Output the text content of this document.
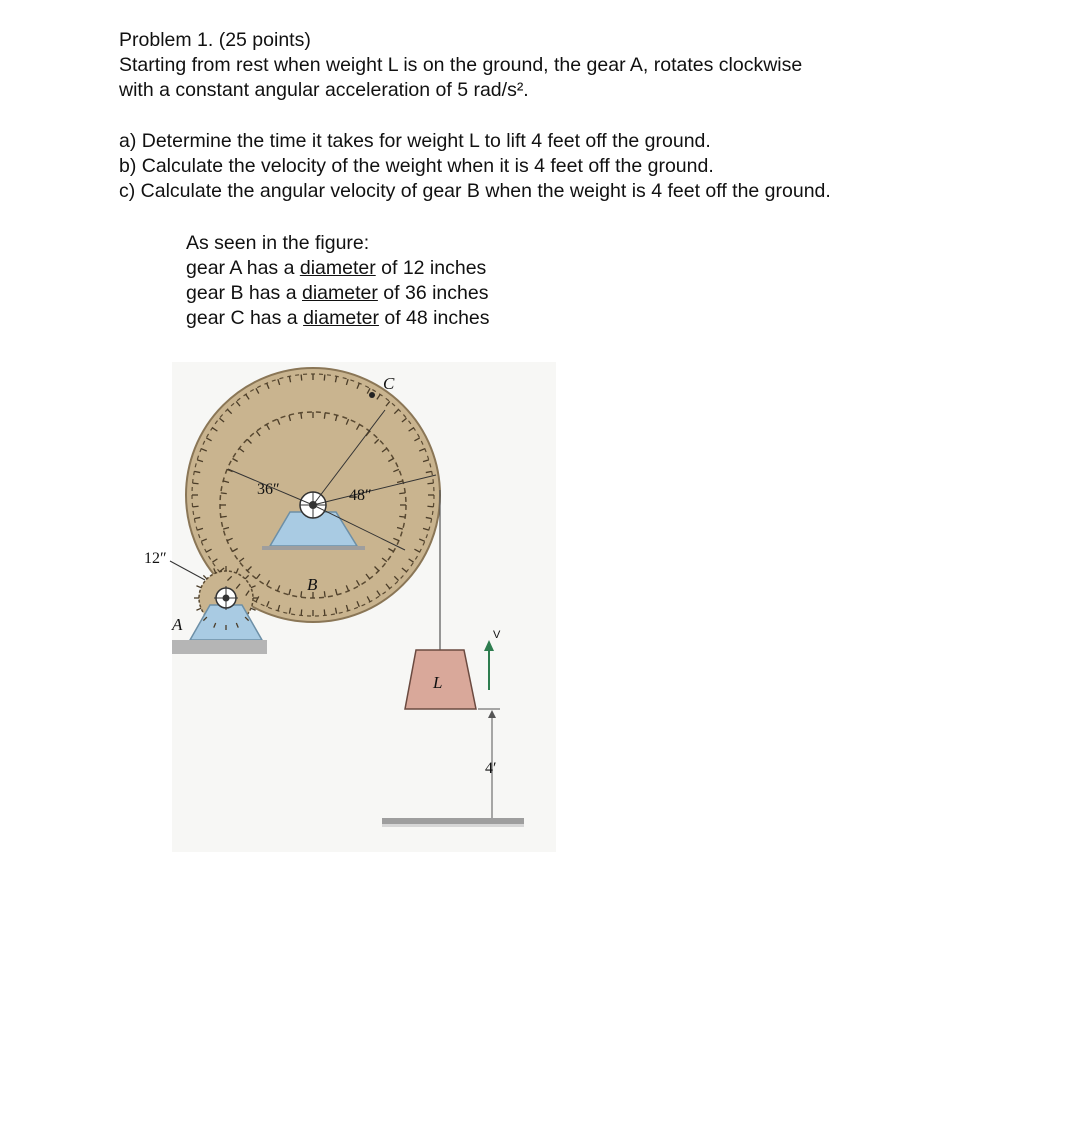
Problem 1. (25 points)
Starting from rest when weight L is on the ground, the gear A, rotates clockwise
with a constant angular acceleration of 5 rad/s².
a) Determine the time it takes for weight L to lift 4 feet off the ground.
b) Calculate the velocity of the weight when it is 4 feet off the ground.
c) Calculate the angular velocity of gear B when the weight is 4 feet off the ground.
As seen in the figure:
gear A has a diameter of 12 inches
gear B has a diameter of 36 inches
gear C has a diameter of 48 inches
36″	48″
B
C
A
12″
L
V
4′
